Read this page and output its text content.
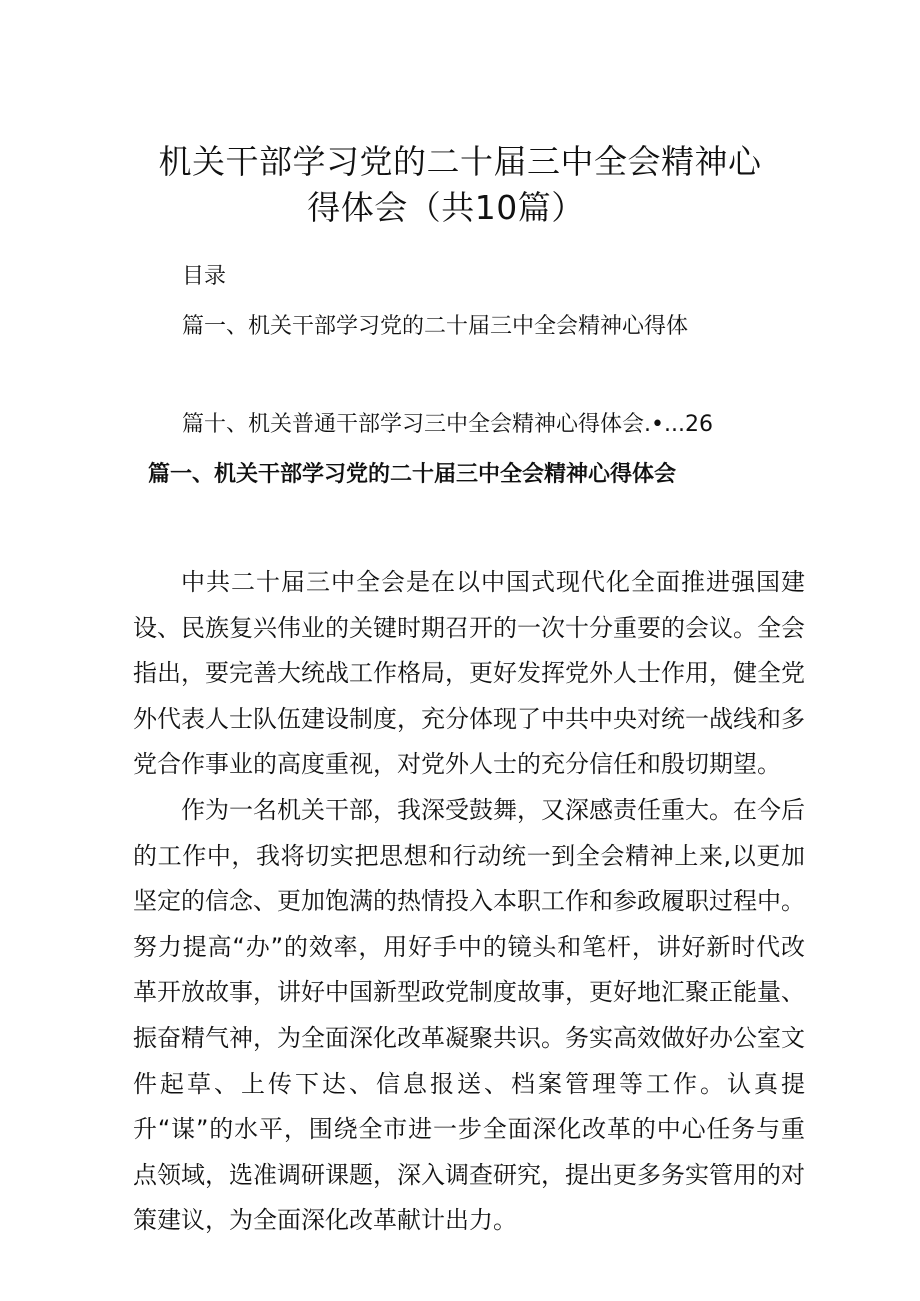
机关干部学习党的二十届三中全会精神心
得体会（共10篇）
目录
篇一、机关干部学习党的二十届三中全会精神心得体
篇十、机关普通干部学习三中全会精神心得体会.•...26
篇一、机关干部学习党的二十届三中全会精神心得体会

中共二十届三中全会是在以中国式现代化全面推进强国建设、民族复兴伟业的关键时期召开的一次十分重要的会议。全会指出，要完善大统战工作格局，更好发挥党外人士作用，健全党外代表人士队伍建设制度，充分体现了中共中央对统一战线和多党合作事业的高度重视，对党外人士的充分信任和殷切期望。

作为一名机关干部，我深受鼓舞，又深感责任重大。在今后的工作中，我将切实把思想和行动统一到全会精神上来,以更加坚定的信念、更加饱满的热情投入本职工作和参政履职过程中。努力提高“办”的效率，用好手中的镜头和笔杆，讲好新时代改革开放故事，讲好中国新型政党制度故事，更好地汇聚正能量、振奋精气神，为全面深化改革凝聚共识。务实高效做好办公室文件起草、上传下达、信息报送、档案管理等工作。认真提升“谋”的水平，围绕全市进一步全面深化改革的中心任务与重点领域，选准调研课题，深入调查研究，提出更多务实管用的对策建议，为全面深化改革献计出力。
